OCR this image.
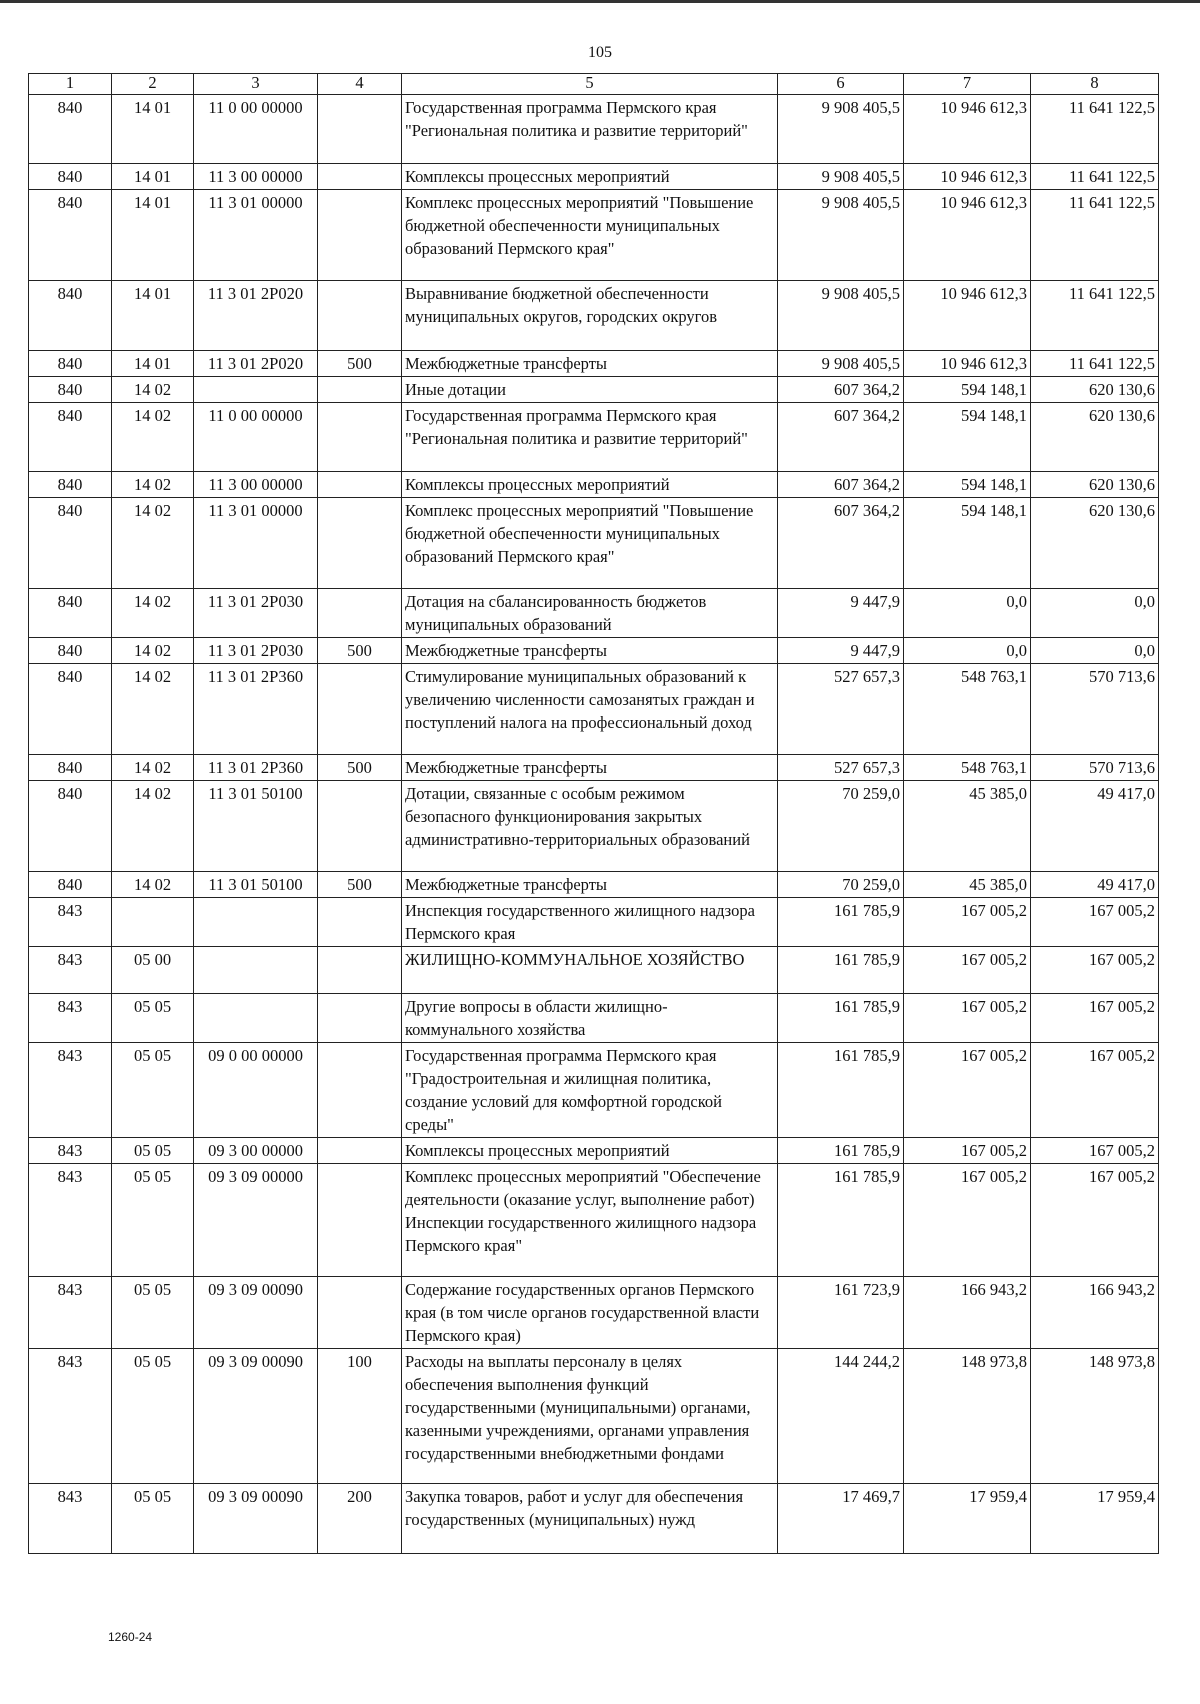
105
1	2	3	4	5	6	7	8
840	14 01	11 0 00 00000		Государственная программа Пермского края "Региональная политика и развитие территорий"	9 908 405,5	10 946 612,3	11 641 122,5
840	14 01	11 3 00 00000		Комплексы процессных мероприятий	9 908 405,5	10 946 612,3	11 641 122,5
840	14 01	11 3 01 00000		Комплекс процессных мероприятий "Повышение бюджетной обеспеченности муниципальных образований Пермского края"	9 908 405,5	10 946 612,3	11 641 122,5
840	14 01	11 3 01 2Р020		Выравнивание бюджетной обеспеченности муниципальных округов, городских округов	9 908 405,5	10 946 612,3	11 641 122,5
840	14 01	11 3 01 2Р020	500	Межбюджетные трансферты	9 908 405,5	10 946 612,3	11 641 122,5
840	14 02			Иные дотации	607 364,2	594 148,1	620 130,6
840	14 02	11 0 00 00000		Государственная программа Пермского края "Региональная политика и развитие территорий"	607 364,2	594 148,1	620 130,6
840	14 02	11 3 00 00000		Комплексы процессных мероприятий	607 364,2	594 148,1	620 130,6
840	14 02	11 3 01 00000		Комплекс процессных мероприятий "Повышение бюджетной обеспеченности муниципальных образований Пермского края"	607 364,2	594 148,1	620 130,6
840	14 02	11 3 01 2Р030		Дотация на сбалансированность бюджетов муниципальных образований	9 447,9	0,0	0,0
840	14 02	11 3 01 2Р030	500	Межбюджетные трансферты	9 447,9	0,0	0,0
840	14 02	11 3 01 2Р360		Стимулирование муниципальных образований к увеличению численности самозанятых граждан и поступлений налога на профессиональный доход	527 657,3	548 763,1	570 713,6
840	14 02	11 3 01 2Р360	500	Межбюджетные трансферты	527 657,3	548 763,1	570 713,6
840	14 02	11 3 01 50100		Дотации, связанные с особым режимом безопасного функционирования закрытых административно-территориальных образований	70 259,0	45 385,0	49 417,0
840	14 02	11 3 01 50100	500	Межбюджетные трансферты	70 259,0	45 385,0	49 417,0
843				Инспекция государственного жилищного надзора Пермского края	161 785,9	167 005,2	167 005,2
843	05 00			ЖИЛИЩНО-КОММУНАЛЬНОЕ ХОЗЯЙСТВО	161 785,9	167 005,2	167 005,2
843	05 05			Другие вопросы в области жилищно-коммунального хозяйства	161 785,9	167 005,2	167 005,2
843	05 05	09 0 00 00000		Государственная программа Пермского края "Градостроительная и жилищная политика, создание условий для комфортной городской среды"	161 785,9	167 005,2	167 005,2
843	05 05	09 3 00 00000		Комплексы процессных мероприятий	161 785,9	167 005,2	167 005,2
843	05 05	09 3 09 00000		Комплекс процессных мероприятий "Обеспечение деятельности (оказание услуг, выполнение работ) Инспекции государственного жилищного надзора Пермского края"	161 785,9	167 005,2	167 005,2
843	05 05	09 3 09 00090		Содержание государственных органов Пермского края (в том числе органов государственной власти Пермского края)	161 723,9	166 943,2	166 943,2
843	05 05	09 3 09 00090	100	Расходы на выплаты персоналу в целях обеспечения выполнения функций государственными (муниципальными) органами, казенными учреждениями, органами управления государственными внебюджетными фондами	144 244,2	148 973,8	148 973,8
843	05 05	09 3 09 00090	200	Закупка товаров, работ и услуг для обеспечения государственных (муниципальных) нужд	17 469,7	17 959,4	17 959,4
1260-24
